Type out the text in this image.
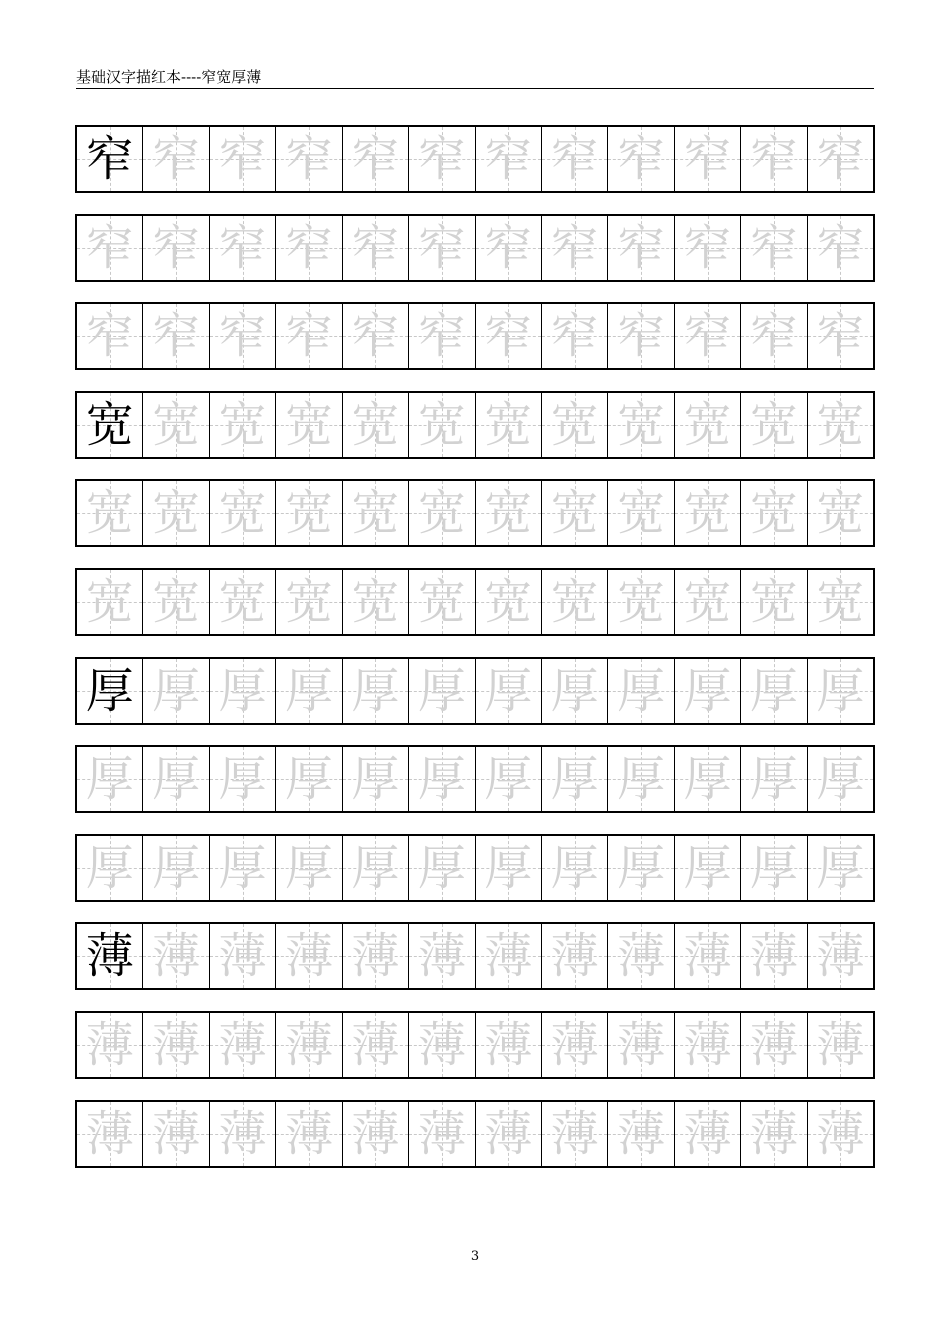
基础汉字描红本----窄宽厚薄
窄 窄 窄 窄 窄 窄 窄 窄 窄 窄 窄 窄
窄 窄 窄 窄 窄 窄 窄 窄 窄 窄 窄 窄
窄 窄 窄 窄 窄 窄 窄 窄 窄 窄 窄 窄
宽 宽 宽 宽 宽 宽 宽 宽 宽 宽 宽 宽
宽 宽 宽 宽 宽 宽 宽 宽 宽 宽 宽 宽
宽 宽 宽 宽 宽 宽 宽 宽 宽 宽 宽 宽
厚 厚 厚 厚 厚 厚 厚 厚 厚 厚 厚 厚
厚 厚 厚 厚 厚 厚 厚 厚 厚 厚 厚 厚
厚 厚 厚 厚 厚 厚 厚 厚 厚 厚 厚 厚
薄 薄 薄 薄 薄 薄 薄 薄 薄 薄 薄 薄
薄 薄 薄 薄 薄 薄 薄 薄 薄 薄 薄 薄
薄 薄 薄 薄 薄 薄 薄 薄 薄 薄 薄 薄
3
